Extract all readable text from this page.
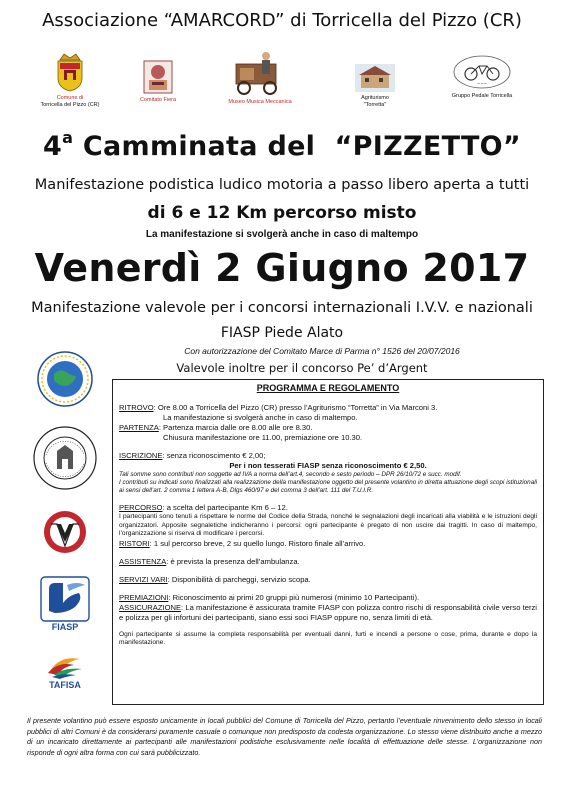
Associazione “AMARCORD” di Torricella del Pizzo (CR)
Comune di
Torricella del Pizzo (CR)
Comitato Fiera	Museo Musica Meccanica
Agriturismo
"Torretta"
~~~
Gruppo Pedale Torricella
4$^a$ Camminata del  “PIZZETTO”
Manifestazione podistica ludico motoria a passo libero aperta a tutti
di 6 e 12 Km percorso misto
La manifestazione si svolgerà anche in caso di maltempo
Venerdì 2 Giugno 2017
Manifestazione valevole per i concorsi internazionali I.V.V. e nazionali
FIASP Piede Alato
Con autorizzazione del Comitato Marce di Parma n° 1526 del 20/07/2016
Valevole inoltre per il concorso Pe’ d’Argent
FIASP
TAFISA
PROGRAMMA E REGOLAMENTO

RITROVO: Ore 8.00 a Torricella del Pizzo (CR) presso l’Agriturismo “Torretta” in Via Marconi 3.

La manifestazione si svolgerà anche in caso di maltempo.

PARTENZA: Partenza marcia dalle ore 8.00 alle ore 8.30.

Chiusura manifestazione ore 11.00, premiazione ore 10.30.

ISCRIZIONE: senza riconoscimento € 2,00;

Per i non tesserati FIASP senza riconoscimento € 2,50.

Tali somme sono contributi non soggette ad IVA a norma dell’art.4, secondo e sesto periodo – DPR 26/10/72 e succ. modif.

I contributi su indicati sono finalizzati alla realizzazione della manifestazione oggetto del presente volantino in diretta attuazione degli scopi istituzionali ai sensi dell’art. 2 comma 1 lettera A-B, Dlgs 460/97 e del comma 3 dell’art. 111 del T.U.I.R.

PERCORSO: a scelta del partecipante Km 6 – 12.

I partecipanti sono tenuti a rispettare le norme del Codice della Strada, nonché le segnalazioni degli incaricati alla viabilità e le istruzioni degli organizzatori. Apposite segnaletiche indicheranno i percorsi: ogni partecipante è pregato di non uscire dai tragitti. In caso di maltempo, l’organizzazione si riserva di modificare i percorsi.

RISTORI: 1 sul percorso breve, 2 su quello lungo. Ristoro finale all’arrivo.

ASSISTENZA: è prevista la presenza dell’ambulanza.

SERVIZI VARI: Disponibilità di parcheggi, servizio scopa.

PREMIAZIONI: Riconoscimento ai primi 20 gruppi più numerosi (minimo 10 Partecipanti).

ASSICURAZIONE: La manifestazione è assicurata tramite FIASP con polizza contro rischi di responsabilità civile verso terzi e polizza per gli infortuni dei partecipanti, siano essi soci FIASP oppure no, senza limiti di età.

Ogni partecipante si assume la completa responsabilità per eventuali danni, furti e incendi a persone o cose, prima, durante e dopo la manifestazione.

Il presente volantino può essere esposto unicamente in locali pubblici del Comune di Torricella del Pizzo, pertanto l’eventuale rinvenimento dello stesso in locali pubblici di altri Comuni è da considerarsi puramente casuale o comunque non predisposto da codesta organizzazione. Lo stesso viene distribuito anche a mezzo di un incaricato direttamente ai partecipanti alle manifestazioni podistiche esclusivamente nelle località di effettuazione delle stesse. L’organizzazione non risponde di ogni altra forma con cui sarà pubblicizzato.
